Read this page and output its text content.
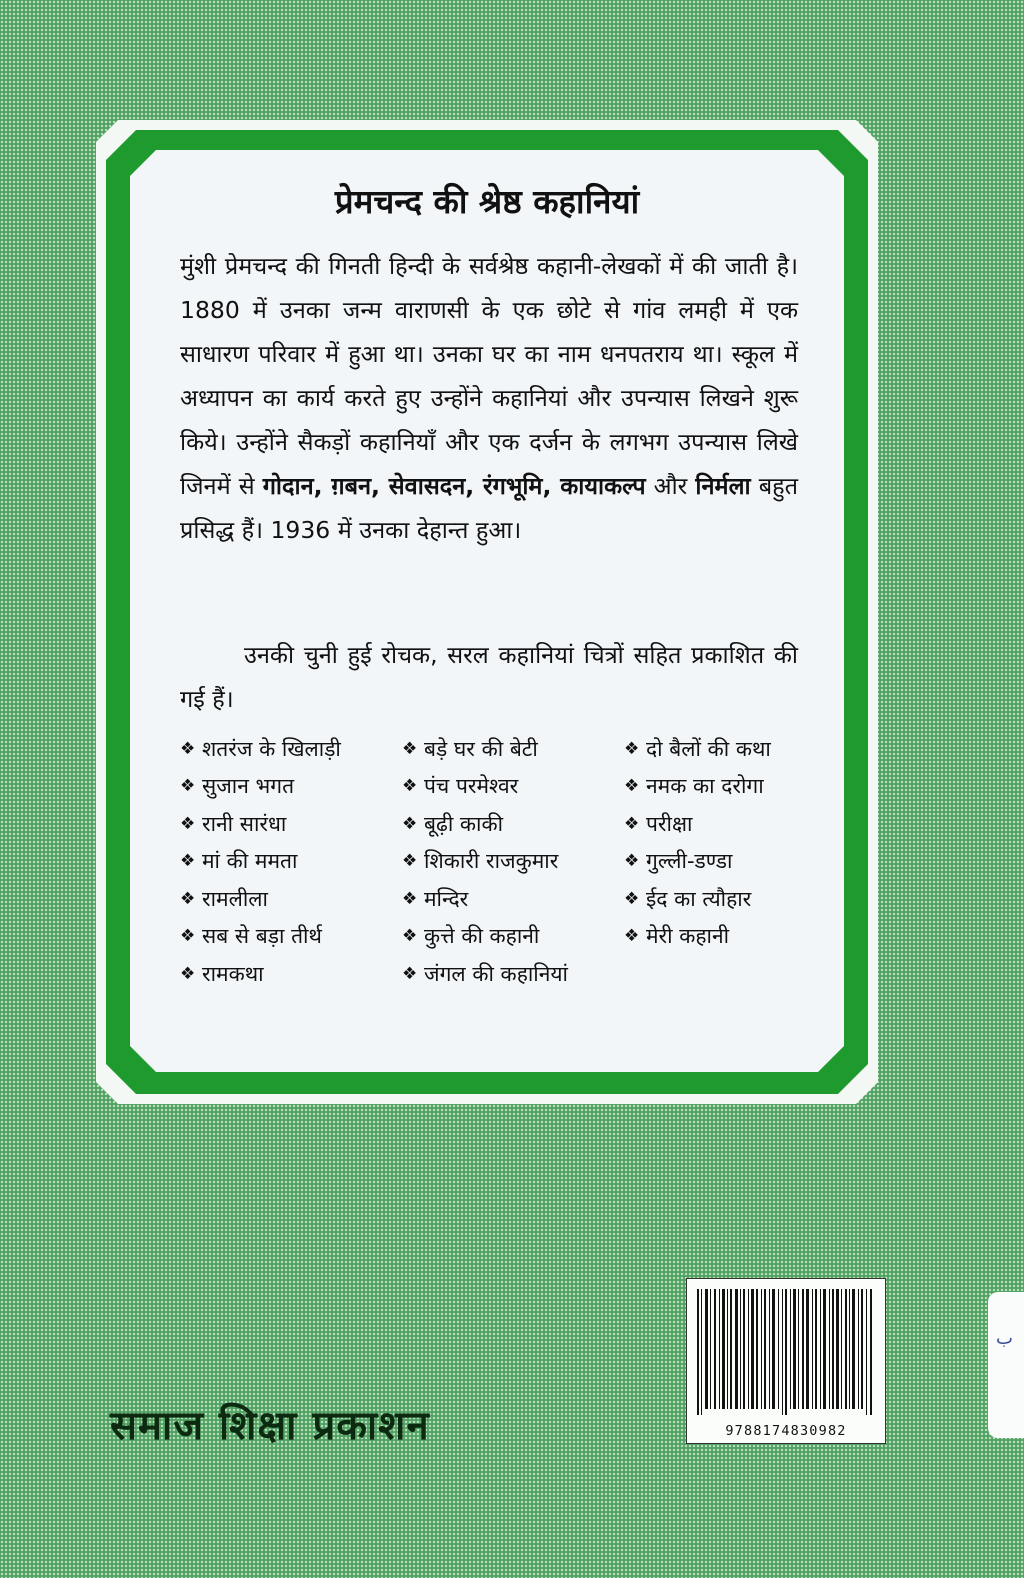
प्रेमचन्द की श्रेष्ठ कहानियां

मुंशी प्रेमचन्द की गिनती हिन्दी के सर्वश्रेष्ठ कहानी-लेखकों में की जाती है। 1880 में उनका जन्म वाराणसी के एक छोटे से गांव लमही में एक साधारण परिवार में हुआ था। उनका घर का नाम धनपतराय था। स्कूल में अध्यापन का कार्य करते हुए उन्होंने कहानियां और उपन्यास लिखने शुरू किये। उन्होंने सैकड़ों कहानियाँ और एक दर्जन के लगभग उपन्यास लिखे जिनमें से गोदान, ग़बन, सेवासदन, रंगभूमि, कायाकल्प और निर्मला बहुत प्रसिद्ध हैं। 1936 में उनका देहान्त हुआ।

उनकी चुनी हुई रोचक, सरल कहानियां चित्रों सहित प्रकाशित की गई हैं।

❖ शतरंज के खिलाड़ी
❖ सुजान भगत
❖ रानी सारंधा
❖ मां की ममता
❖ रामलीला
❖ सब से बड़ा तीर्थ
❖ रामकथा
❖ बड़े घर की बेटी
❖ पंच परमेश्वर
❖ बूढ़ी काकी
❖ शिकारी राजकुमार
❖ मन्दिर
❖ कुत्ते की कहानी
❖ जंगल की कहानियां
❖ दो बैलों की कथा
❖ नमक का दरोगा
❖ परीक्षा
❖ गुल्ली-डण्डा
❖ ईद का त्यौहार
❖ मेरी कहानी
9788174830982
ب
समाज शिक्षा प्रकाशन
